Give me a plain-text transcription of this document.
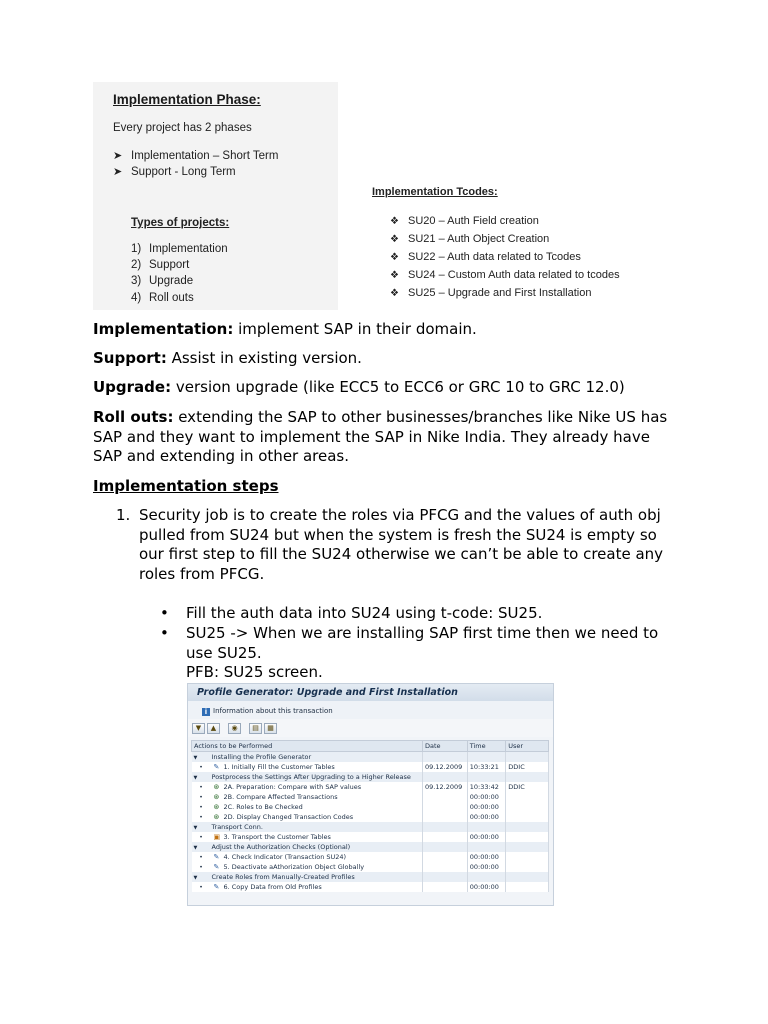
Implementation Phase:
Every project has 2 phases
➤ Implementation – Short Term
➤ Support - Long Term
Types of projects:
1) Implementation
2) Support
3) Upgrade
4) Roll outs
Implementation Tcodes:
❖ SU20 – Auth Field creation
❖ SU21 – Auth Object Creation
❖ SU22 – Auth data related to Tcodes
❖ SU24 – Custom Auth data related to tcodes
❖ SU25 – Upgrade and First Installation
Implementation: implement SAP in their domain.
Support: Assist in existing version.
Upgrade: version upgrade (like ECC5 to ECC6 or GRC 10 to GRC 12.0)
Roll outs: extending the SAP to other businesses/branches like Nike US has SAP and they want to implement the SAP in Nike India. They already have SAP and extending in other areas.
Implementation steps
1. Security job is to create the roles via PFCG and the values of auth obj pulled from SU24 but when the system is fresh the SU24 is empty so our first step to fill the SU24 otherwise we can’t be able to create any roles from PFCG.
• Fill the auth data into SU24 using t-code: SU25.
• SU25 -> When we are installing SAP first time then we need to use SU25.
PFB: SU25 screen.
Profile Generator: Upgrade and First Installation
i Information about this transaction
▼	▲	◉	▤	▦
Actions to be Performed	Date	Time	User
▼ Installing the Profile Generator			
• ✎ 1. Initially Fill the Customer Tables	09.12.2009	10:33:21	DDIC
▼ Postprocess the Settings After Upgrading to a Higher Release			
• ⊛ 2A. Preparation: Compare with SAP values	09.12.2009	10:33:42	DDIC
• ⊛ 2B. Compare Affected Transactions		00:00:00	
• ⊛ 2C. Roles to Be Checked		00:00:00	
• ⊛ 2D. Display Changed Transaction Codes		00:00:00	
▼ Transport Conn.			
• ▣ 3. Transport the Customer Tables		00:00:00	
▼ Adjust the Authorization Checks (Optional)			
• ✎ 4. Check Indicator (Transaction SU24)		00:00:00	
• ✎ 5. Deactivate aAthorization Object Globally		00:00:00	
▼ Create Roles from Manually-Created Profiles			
• ✎ 6. Copy Data from Old Profiles		00:00:00	
